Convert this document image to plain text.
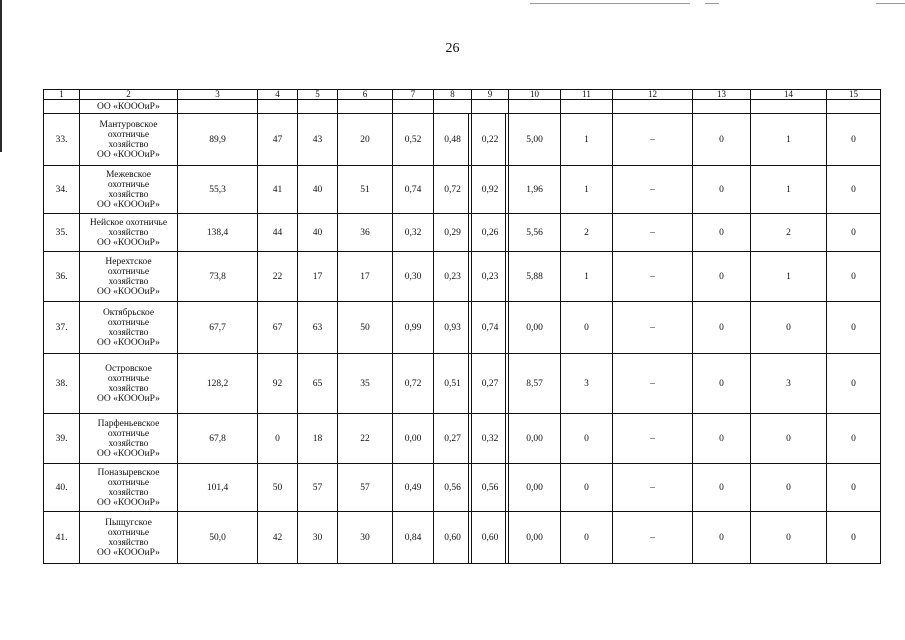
26
1	2	3	4	5	6	7	8	9	10	11	12	13	14	15
	ОО «КОООиР»													
33.	Мантуровское
охотничье
хозяйство
ОО «КОООиР»	89,9	47	43	20	0,52	0,48	0,22	5,00	1	–	0	1	0
34.	Межевское
охотничье
хозяйство
ОО «КОООиР»	55,3	41	40	51	0,74	0,72	0,92	1,96	1	–	0	1	0
35.	Нейское охотничье
хозяйство
ОО «КОООиР»	138,4	44	40	36	0,32	0,29	0,26	5,56	2	–	0	2	0
36.	Нерехтское
охотничье
хозяйство
ОО «КОООиР»	73,8	22	17	17	0,30	0,23	0,23	5,88	1	–	0	1	0
37.	Октябрьское
охотничье
хозяйство
ОО «КОООиР»	67,7	67	63	50	0,99	0,93	0,74	0,00	0	–	0	0	0
38.	Островское
охотничье
хозяйство
ОО «КОООиР»	128,2	92	65	35	0,72	0,51	0,27	8,57	3	–	0	3	0
39.	Парфеньевское
охотничье
хозяйство
ОО «КОООиР»	67,8	0	18	22	0,00	0,27	0,32	0,00	0	–	0	0	0
40.	Поназыревское
охотничье
хозяйство
ОО «КОООиР»	101,4	50	57	57	0,49	0,56	0,56	0,00	0	–	0	0	0
41.	Пыщугское
охотничье
хозяйство
ОО «КОООиР»	50,0	42	30	30	0,84	0,60	0,60	0,00	0	–	0	0	0
